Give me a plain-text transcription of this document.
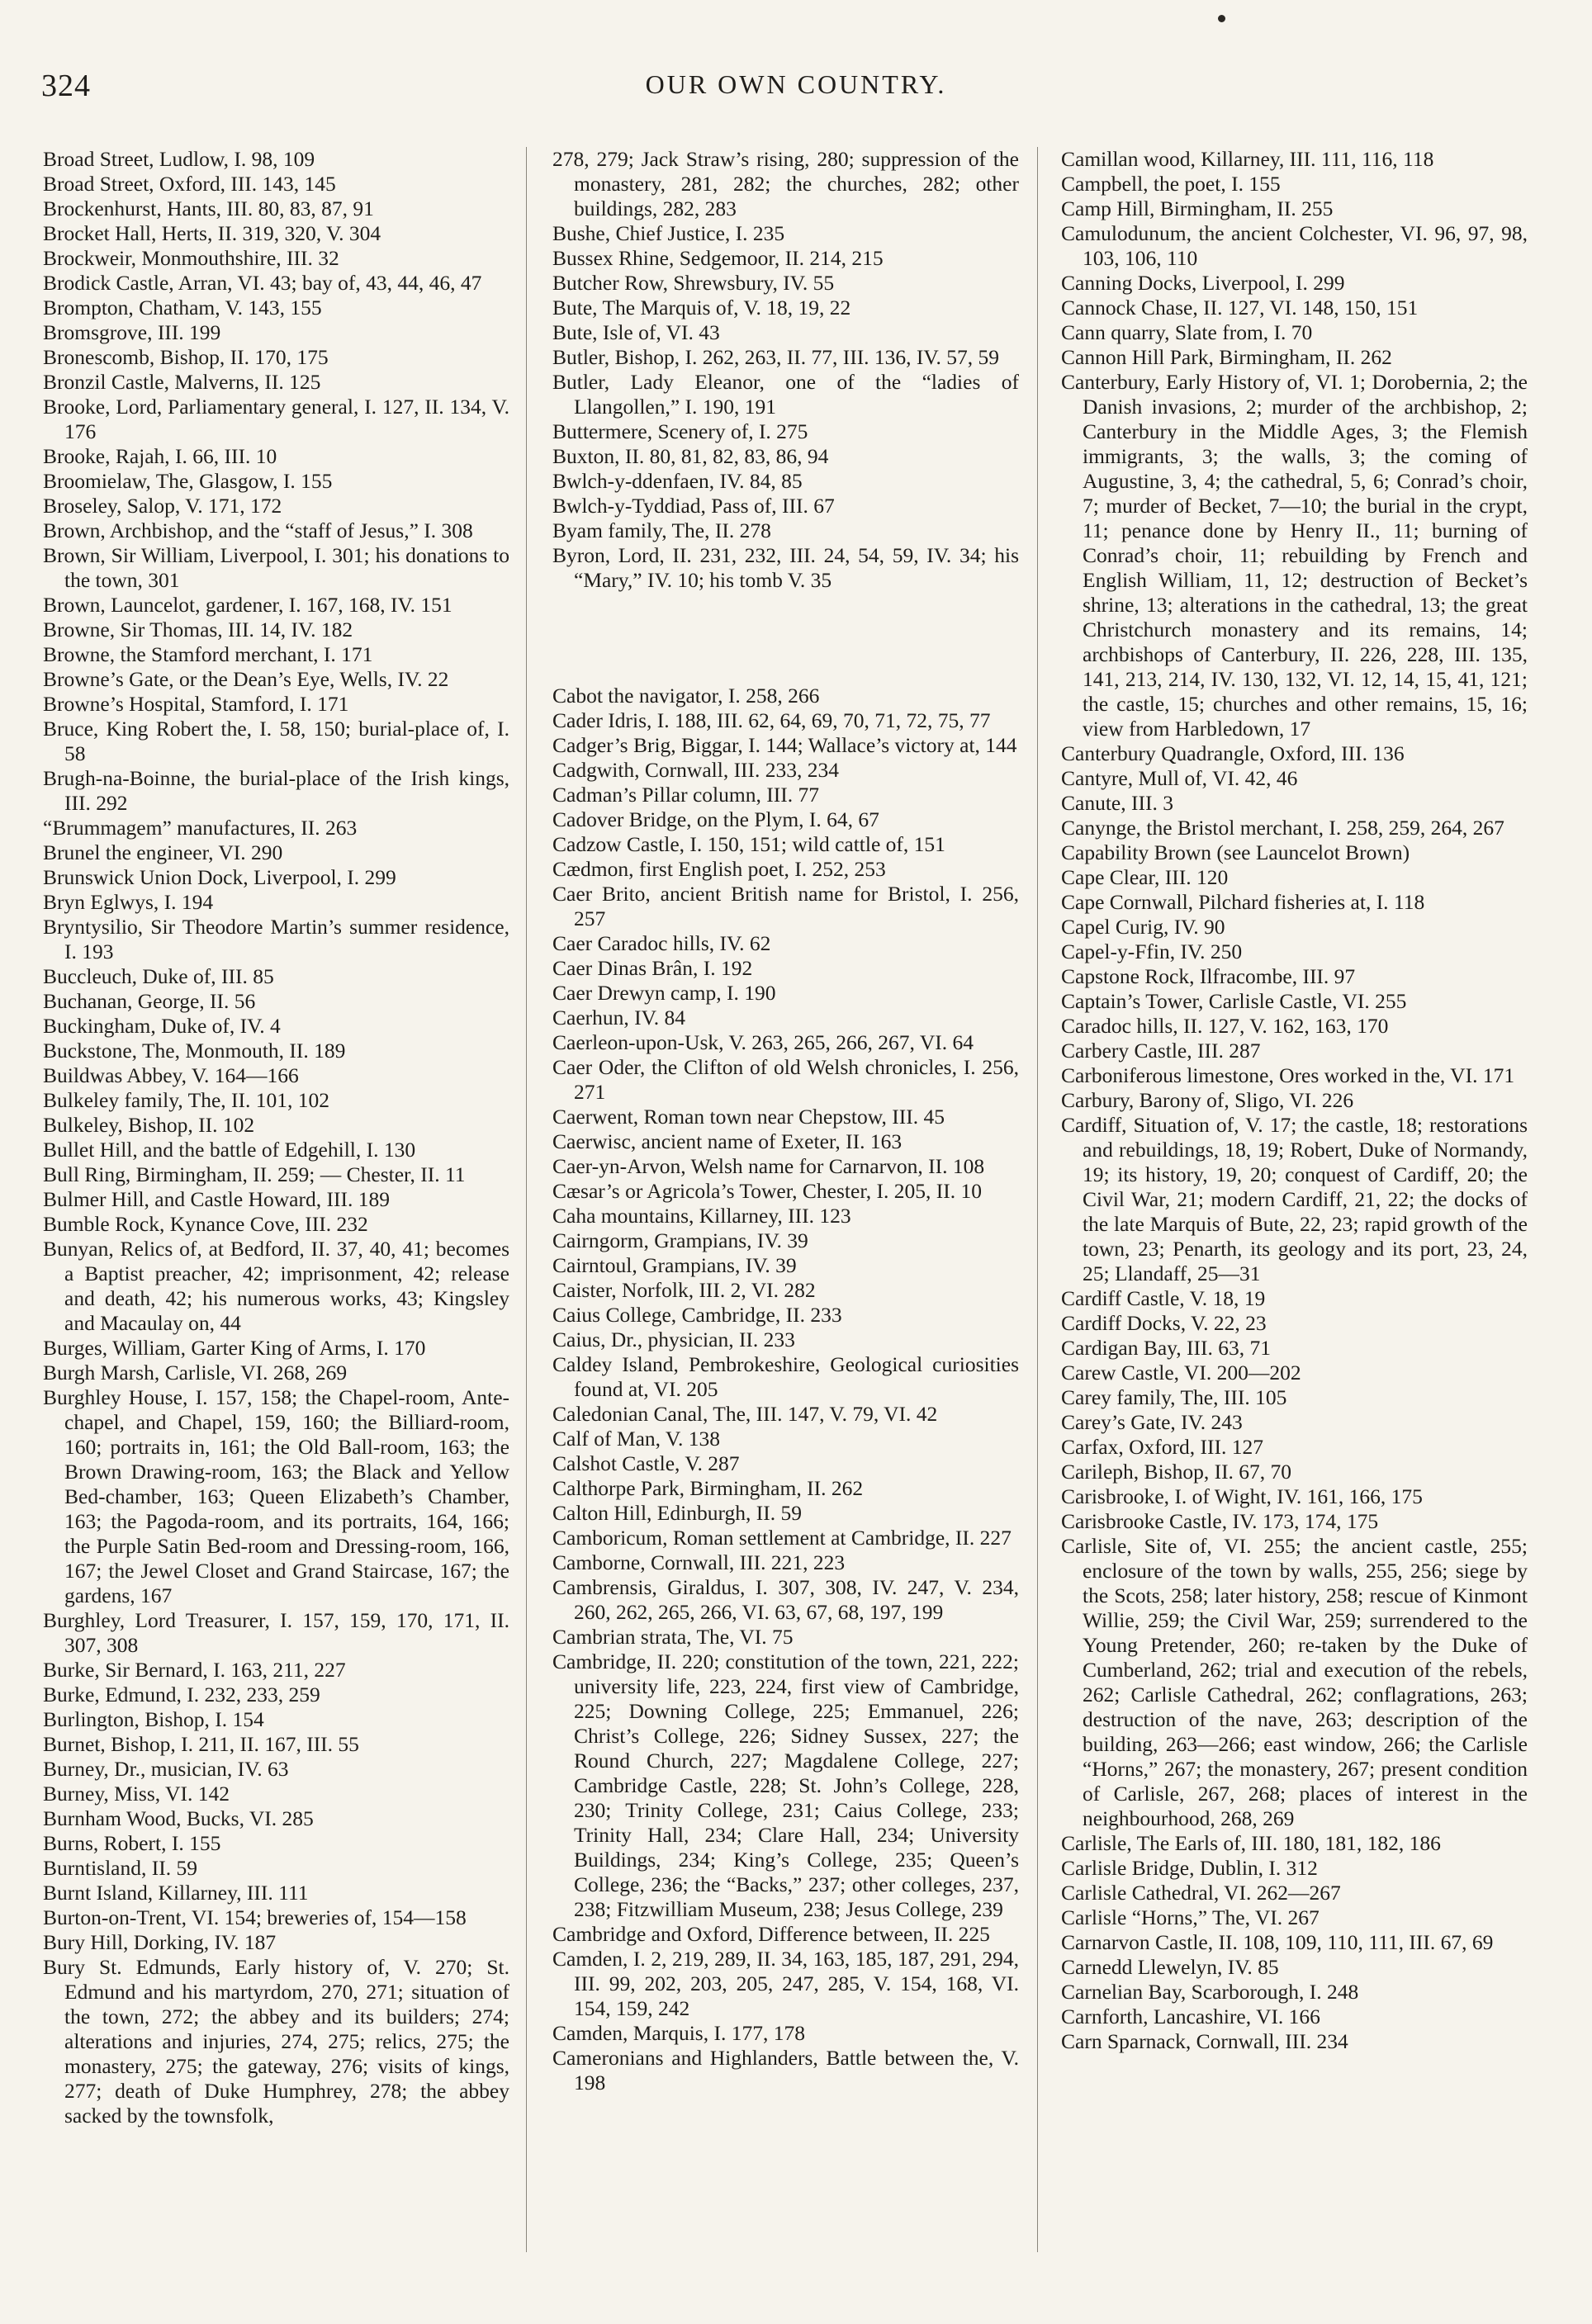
324	OUR OWN COUNTRY.
Broad Street, Ludlow, I. 98, 109
Broad Street, Oxford, III. 143, 145
Brockenhurst, Hants, III. 80, 83, 87, 91
Brocket Hall, Herts, II. 319, 320, V. 304
Brockweir, Monmouthshire, III. 32
Brodick Castle, Arran, VI. 43; bay of, 43, 44, 46, 47
Brompton, Chatham, V. 143, 155
Bromsgrove, III. 199
Bronescomb, Bishop, II. 170, 175
Bronzil Castle, Malverns, II. 125
Brooke, Lord, Parliamentary general, I. 127, II. 134, V. 176
Brooke, Rajah, I. 66, III. 10
Broomielaw, The, Glasgow, I. 155
Broseley, Salop, V. 171, 172
Brown, Archbishop, and the “staff of Jesus,” I. 308
Brown, Sir William, Liverpool, I. 301; his donations to the town, 301
Brown, Launcelot, gardener, I. 167, 168, IV. 151
Browne, Sir Thomas, III. 14, IV. 182
Browne, the Stamford merchant, I. 171
Browne’s Gate, or the Dean’s Eye, Wells, IV. 22
Browne’s Hospital, Stamford, I. 171
Bruce, King Robert the, I. 58, 150; burial-place of, I. 58
Brugh-na-Boinne, the burial-place of the Irish kings, III. 292
“Brummagem” manufactures, II. 263
Brunel the engineer, VI. 290
Brunswick Union Dock, Liverpool, I. 299
Bryn Eglwys, I. 194
Bryntysilio, Sir Theodore Martin’s summer residence, I. 193
Buccleuch, Duke of, III. 85
Buchanan, George, II. 56
Buckingham, Duke of, IV. 4
Buckstone, The, Monmouth, II. 189
Buildwas Abbey, V. 164—166
Bulkeley family, The, II. 101, 102
Bulkeley, Bishop, II. 102
Bullet Hill, and the battle of Edgehill, I. 130
Bull Ring, Birmingham, II. 259; — Chester, II. 11
Bulmer Hill, and Castle Howard, III. 189
Bumble Rock, Kynance Cove, III. 232
Bunyan, Relics of, at Bedford, II. 37, 40, 41; becomes a Baptist preacher, 42; imprisonment, 42; release and death, 42; his numerous works, 43; Kingsley and Macaulay on, 44
Burges, William, Garter King of Arms, I. 170
Burgh Marsh, Carlisle, VI. 268, 269
Burghley House, I. 157, 158; the Chapel-room, Ante-chapel, and Chapel, 159, 160; the Billiard-room, 160; portraits in, 161; the Old Ball-room, 163; the Brown Drawing-room, 163; the Black and Yellow Bed-chamber, 163; Queen Elizabeth’s Chamber, 163; the Pagoda-room, and its portraits, 164, 166; the Purple Satin Bed-room and Dressing-room, 166, 167; the Jewel Closet and Grand Staircase, 167; the gardens, 167
Burghley, Lord Treasurer, I. 157, 159, 170, 171, II. 307, 308
Burke, Sir Bernard, I. 163, 211, 227
Burke, Edmund, I. 232, 233, 259
Burlington, Bishop, I. 154
Burnet, Bishop, I. 211, II. 167, III. 55
Burney, Dr., musician, IV. 63
Burney, Miss, VI. 142
Burnham Wood, Bucks, VI. 285
Burns, Robert, I. 155
Burntisland, II. 59
Burnt Island, Killarney, III. 111
Burton-on-Trent, VI. 154; breweries of, 154—158
Bury Hill, Dorking, IV. 187
Bury St. Edmunds, Early history of, V. 270; St. Edmund and his martyrdom, 270, 271; situation of the town, 272; the abbey and its builders; 274; alterations and injuries, 274, 275; relics, 275; the monastery, 275; the gateway, 276; visits of kings, 277; death of Duke Humphrey, 278; the abbey sacked by the townsfolk,
278, 279; Jack Straw’s rising, 280; suppression of the monastery, 281, 282; the churches, 282; other buildings, 282, 283
Bushe, Chief Justice, I. 235
Bussex Rhine, Sedgemoor, II. 214, 215
Butcher Row, Shrewsbury, IV. 55
Bute, The Marquis of, V. 18, 19, 22
Bute, Isle of, VI. 43
Butler, Bishop, I. 262, 263, II. 77, III. 136, IV. 57, 59
Butler, Lady Eleanor, one of the “ladies of Llangollen,” I. 190, 191
Buttermere, Scenery of, I. 275
Buxton, II. 80, 81, 82, 83, 86, 94
Bwlch-y-ddenfaen, IV. 84, 85
Bwlch-y-Tyddiad, Pass of, III. 67
Byam family, The, II. 278
Byron, Lord, II. 231, 232, III. 24, 54, 59, IV. 34; his “Mary,” IV. 10; his tomb V. 35
Cabot the navigator, I. 258, 266
Cader Idris, I. 188, III. 62, 64, 69, 70, 71, 72, 75, 77
Cadger’s Brig, Biggar, I. 144; Wallace’s victory at, 144
Cadgwith, Cornwall, III. 233, 234
Cadman’s Pillar column, III. 77
Cadover Bridge, on the Plym, I. 64, 67
Cadzow Castle, I. 150, 151; wild cattle of, 151
Cædmon, first English poet, I. 252, 253
Caer Brito, ancient British name for Bristol, I. 256, 257
Caer Caradoc hills, IV. 62
Caer Dinas Brân, I. 192
Caer Drewyn camp, I. 190
Caerhun, IV. 84
Caerleon-upon-Usk, V. 263, 265, 266, 267, VI. 64
Caer Oder, the Clifton of old Welsh chronicles, I. 256, 271
Caerwent, Roman town near Chepstow, III. 45
Caerwisc, ancient name of Exeter, II. 163
Caer-yn-Arvon, Welsh name for Carnarvon, II. 108
Cæsar’s or Agricola’s Tower, Chester, I. 205, II. 10
Caha mountains, Killarney, III. 123
Cairngorm, Grampians, IV. 39
Cairntoul, Grampians, IV. 39
Caister, Norfolk, III. 2, VI. 282
Caius College, Cambridge, II. 233
Caius, Dr., physician, II. 233
Caldey Island, Pembrokeshire, Geological curiosities found at, VI. 205
Caledonian Canal, The, III. 147, V. 79, VI. 42
Calf of Man, V. 138
Calshot Castle, V. 287
Calthorpe Park, Birmingham, II. 262
Calton Hill, Edinburgh, II. 59
Camboricum, Roman settlement at Cambridge, II. 227
Camborne, Cornwall, III. 221, 223
Cambrensis, Giraldus, I. 307, 308, IV. 247, V. 234, 260, 262, 265, 266, VI. 63, 67, 68, 197, 199
Cambrian strata, The, VI. 75
Cambridge, II. 220; constitution of the town, 221, 222; university life, 223, 224, first view of Cambridge, 225; Downing College, 225; Emmanuel, 226; Christ’s College, 226; Sidney Sussex, 227; the Round Church, 227; Magdalene College, 227; Cambridge Castle, 228; St. John’s College, 228, 230; Trinity College, 231; Caius College, 233; Trinity Hall, 234; Clare Hall, 234; University Buildings, 234; King’s College, 235; Queen’s College, 236; the “Backs,” 237; other colleges, 237, 238; Fitzwilliam Museum, 238; Jesus College, 239
Cambridge and Oxford, Difference between, II. 225
Camden, I. 2, 219, 289, II. 34, 163, 185, 187, 291, 294, III. 99, 202, 203, 205, 247, 285, V. 154, 168, VI. 154, 159, 242
Camden, Marquis, I. 177, 178
Cameronians and Highlanders, Battle between the, V. 198
Camillan wood, Killarney, III. 111, 116, 118
Campbell, the poet, I. 155
Camp Hill, Birmingham, II. 255
Camulodunum, the ancient Colchester, VI. 96, 97, 98, 103, 106, 110
Canning Docks, Liverpool, I. 299
Cannock Chase, II. 127, VI. 148, 150, 151
Cann quarry, Slate from, I. 70
Cannon Hill Park, Birmingham, II. 262
Canterbury, Early History of, VI. 1; Dorobernia, 2; the Danish invasions, 2; murder of the archbishop, 2; Canterbury in the Middle Ages, 3; the Flemish immigrants, 3; the walls, 3; the coming of Augustine, 3, 4; the cathedral, 5, 6; Conrad’s choir, 7; murder of Becket, 7—10; the burial in the crypt, 11; penance done by Henry II., 11; burning of Conrad’s choir, 11; rebuilding by French and English William, 11, 12; destruction of Becket’s shrine, 13; alterations in the cathedral, 13; the great Christchurch monastery and its remains, 14; archbishops of Canterbury, II. 226, 228, III. 135, 141, 213, 214, IV. 130, 132, VI. 12, 14, 15, 41, 121; the castle, 15; churches and other remains, 15, 16; view from Harbledown, 17
Canterbury Quadrangle, Oxford, III. 136
Cantyre, Mull of, VI. 42, 46
Canute, III. 3
Canynge, the Bristol merchant, I. 258, 259, 264, 267
Capability Brown (see Launcelot Brown)
Cape Clear, III. 120
Cape Cornwall, Pilchard fisheries at, I. 118
Capel Curig, IV. 90
Capel-y-Ffin, IV. 250
Capstone Rock, Ilfracombe, III. 97
Captain’s Tower, Carlisle Castle, VI. 255
Caradoc hills, II. 127, V. 162, 163, 170
Carbery Castle, III. 287
Carboniferous limestone, Ores worked in the, VI. 171
Carbury, Barony of, Sligo, VI. 226
Cardiff, Situation of, V. 17; the castle, 18; restorations and rebuildings, 18, 19; Robert, Duke of Normandy, 19; its history, 19, 20; conquest of Cardiff, 20; the Civil War, 21; modern Cardiff, 21, 22; the docks of the late Marquis of Bute, 22, 23; rapid growth of the town, 23; Penarth, its geology and its port, 23, 24, 25; Llandaff, 25—31
Cardiff Castle, V. 18, 19
Cardiff Docks, V. 22, 23
Cardigan Bay, III. 63, 71
Carew Castle, VI. 200—202
Carey family, The, III. 105
Carey’s Gate, IV. 243
Carfax, Oxford, III. 127
Carileph, Bishop, II. 67, 70
Carisbrooke, I. of Wight, IV. 161, 166, 175
Carisbrooke Castle, IV. 173, 174, 175
Carlisle, Site of, VI. 255; the ancient castle, 255; enclosure of the town by walls, 255, 256; siege by the Scots, 258; later history, 258; rescue of Kinmont Willie, 259; the Civil War, 259; surrendered to the Young Pretender, 260; re-taken by the Duke of Cumberland, 262; trial and execution of the rebels, 262; Carlisle Cathedral, 262; conflagrations, 263; destruction of the nave, 263; description of the building, 263—266; east window, 266; the Carlisle “Horns,” 267; the monastery, 267; present condition of Carlisle, 267, 268; places of interest in the neighbourhood, 268, 269
Carlisle, The Earls of, III. 180, 181, 182, 186
Carlisle Bridge, Dublin, I. 312
Carlisle Cathedral, VI. 262—267
Carlisle “Horns,” The, VI. 267
Carnarvon Castle, II. 108, 109, 110, 111, III. 67, 69
Carnedd Llewelyn, IV. 85
Carnelian Bay, Scarborough, I. 248
Carnforth, Lancashire, VI. 166
Carn Sparnack, Cornwall, III. 234
